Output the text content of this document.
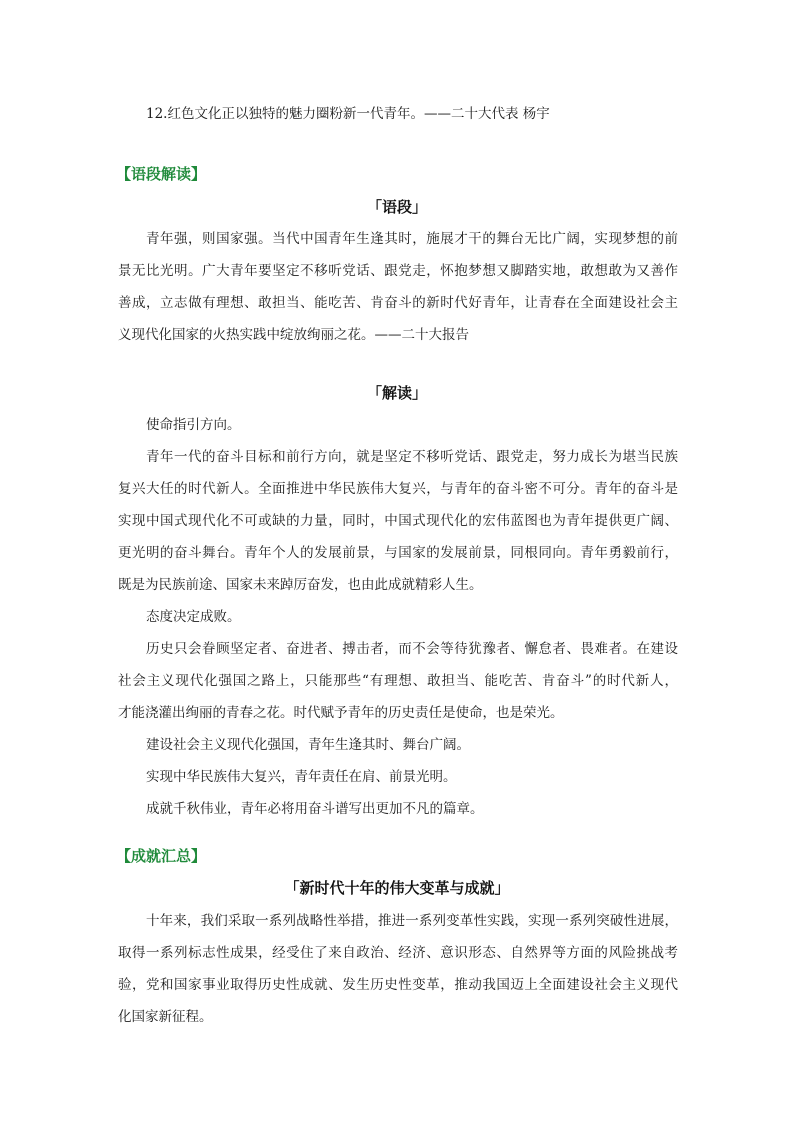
12.红色文化正以独特的魅力圈粉新一代青年。——二十大代表 杨宇
【语段解读】
「语段」
青年强，则国家强。当代中国青年生逢其时，施展才干的舞台无比广阔，实现梦想的前
景无比光明。广大青年要坚定不移听党话、跟党走，怀抱梦想又脚踏实地，敢想敢为又善作
善成，立志做有理想、敢担当、能吃苦、肯奋斗的新时代好青年，让青春在全面建设社会主
义现代化国家的火热实践中绽放绚丽之花。——二十大报告
「解读」
使命指引方向。
青年一代的奋斗目标和前行方向，就是坚定不移听党话、跟党走，努力成长为堪当民族
复兴大任的时代新人。全面推进中华民族伟大复兴，与青年的奋斗密不可分。青年的奋斗是
实现中国式现代化不可或缺的力量，同时，中国式现代化的宏伟蓝图也为青年提供更广阔、
更光明的奋斗舞台。青年个人的发展前景，与国家的发展前景，同根同向。青年勇毅前行，
既是为民族前途、国家未来踔厉奋发，也由此成就精彩人生。
态度决定成败。
历史只会眷顾坚定者、奋进者、搏击者，而不会等待犹豫者、懈怠者、畏难者。在建设
社会主义现代化强国之路上，只能那些“有理想、敢担当、能吃苦、肯奋斗”的时代新人，
才能浇灌出绚丽的青春之花。时代赋予青年的历史责任是使命，也是荣光。
建设社会主义现代化强国，青年生逢其时、舞台广阔。
实现中华民族伟大复兴，青年责任在肩、前景光明。
成就千秋伟业，青年必将用奋斗谱写出更加不凡的篇章。
【成就汇总】
「新时代十年的伟大变革与成就」
十年来，我们采取一系列战略性举措，推进一系列变革性实践，实现一系列突破性进展，
取得一系列标志性成果，经受住了来自政治、经济、意识形态、自然界等方面的风险挑战考
验，党和国家事业取得历史性成就、发生历史性变革，推动我国迈上全面建设社会主义现代
化国家新征程。
